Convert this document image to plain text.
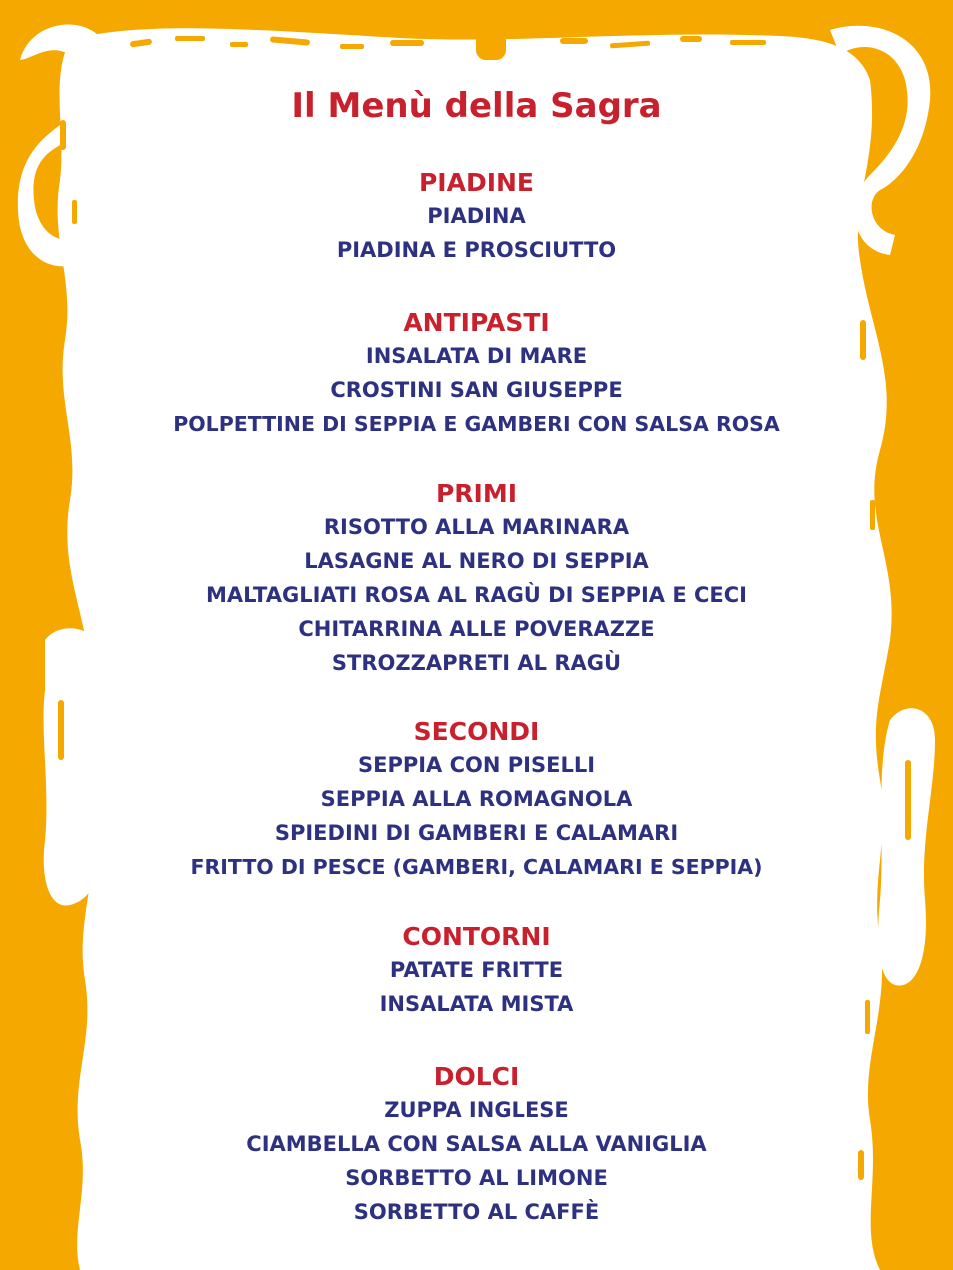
Il Menù della Sagra
PIADINE
PIADINA
PIADINA E PROSCIUTTO
ANTIPASTI
INSALATA DI MARE
CROSTINI SAN GIUSEPPE
POLPETTINE DI SEPPIA E GAMBERI CON SALSA ROSA
PRIMI
RISOTTO ALLA MARINARA
LASAGNE AL NERO DI SEPPIA
MALTAGLIATI ROSA AL RAGÙ DI SEPPIA E CECI
CHITARRINA ALLE POVERAZZE
STROZZAPRETI AL RAGÙ
SECONDI
SEPPIA CON PISELLI
SEPPIA ALLA ROMAGNOLA
SPIEDINI DI GAMBERI E CALAMARI
FRITTO DI PESCE (GAMBERI, CALAMARI E SEPPIA)
CONTORNI
PATATE FRITTE
INSALATA MISTA
DOLCI
ZUPPA INGLESE
CIAMBELLA CON SALSA ALLA VANIGLIA
SORBETTO AL LIMONE
SORBETTO AL CAFFÈ
